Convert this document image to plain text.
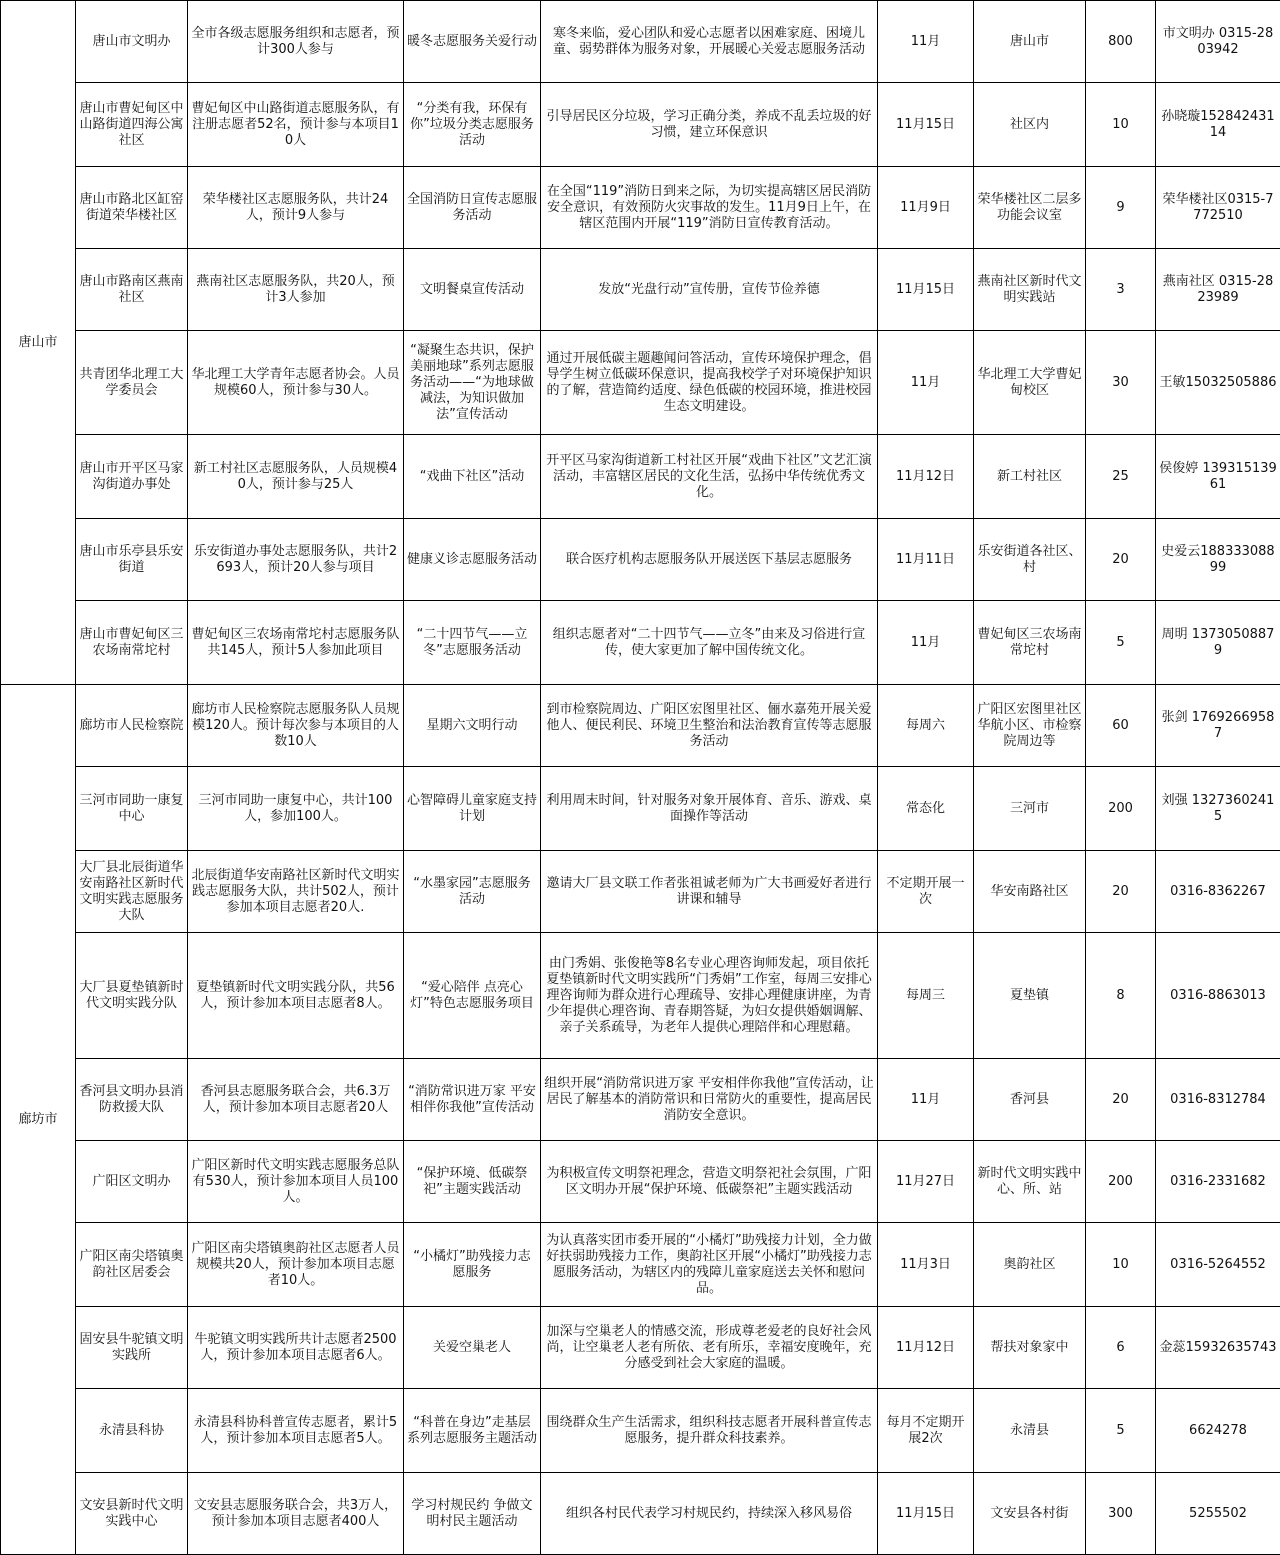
唐山市	唐山市文明办	全市各级志愿服务组织和志愿者，预计300人参与	暖冬志愿服务关爱行动	寒冬来临，爱心团队和爱心志愿者以困难家庭、困境儿童、弱势群体为服务对象，开展暖心关爱志愿服务活动	11月	唐山市	800	市文明办 0315-2803942
	唐山市曹妃甸区中山路街道四海公寓社区	曹妃甸区中山路街道志愿服务队，有注册志愿者52名，预计参与本项目10人	“分类有我，环保有你”垃圾分类志愿服务活动	引导居民区分垃圾，学习正确分类，养成不乱丢垃圾的好习惯，建立环保意识	11月15日	社区内	10	孙晓璇15284243114
	唐山市路北区缸窑街道荣华楼社区	荣华楼社区志愿服务队，共计24人，预计9人参与	全国消防日宣传志愿服务活动	在全国“119”消防日到来之际，为切实提高辖区居民消防安全意识，有效预防火灾事故的发生。11月9日上午，在辖区范围内开展“119”消防日宣传教育活动。	11月9日	荣华楼社区二层多功能会议室	9	荣华楼社区0315-7772510
	唐山市路南区燕南社区	燕南社区志愿服务队，共20人，预计3人参加	文明餐桌宣传活动	发放“光盘行动”宣传册，宣传节俭养德	11月15日	燕南社区新时代文明实践站	3	燕南社区 0315-2823989
	共青团华北理工大学委员会	华北理工大学青年志愿者协会。人员规模60人，预计参与30人。	“凝聚生态共识，保护美丽地球”系列志愿服务活动——“为地球做减法，为知识做加法”宣传活动	通过开展低碳主题趣闻问答活动，宣传环境保护理念，倡导学生树立低碳环保意识，提高我校学子对环境保护知识的了解，营造简约适度、绿色低碳的校园环境，推进校园生态文明建设。	11月	华北理工大学曹妃甸校区	30	王敏15032505886
	唐山市开平区马家沟街道办事处	新工村社区志愿服务队，人员规模40人，预计参与25人	“戏曲下社区”活动	开平区马家沟街道新工村社区开展“戏曲下社区”文艺汇演活动，丰富辖区居民的文化生活，弘扬中华传统优秀文化。	11月12日	新工村社区	25	侯俊婷 13931513961
	唐山市乐亭县乐安街道	乐安街道办事处志愿服务队，共计2693人，预计20人参与项目	健康义诊志愿服务活动	联合医疗机构志愿服务队开展送医下基层志愿服务	11月11日	乐安街道各社区、村	20	史爱云18833308899
	唐山市曹妃甸区三农场南常坨村	曹妃甸区三农场南常坨村志愿服务队共145人，预计5人参加此项目	“二十四节气——立冬”志愿服务活动	组织志愿者对“二十四节气——立冬”由来及习俗进行宣传，使大家更加了解中国传统文化。	11月	曹妃甸区三农场南常坨村	5	周明 13730508879
廊坊市	廊坊市人民检察院	廊坊市人民检察院志愿服务队人员规模120人。预计每次参与本项目的人数10人	星期六文明行动	到市检察院周边、广阳区宏图里社区、俪水嘉苑开展关爱他人、便民利民、环境卫生整治和法治教育宣传等志愿服务活动	每周六	广阳区宏图里社区华航小区、市检察院周边等	60	张剑 17692669587
	三河市同助一康复中心	三河市同助一康复中心，共计100人，参加100人。	心智障碍儿童家庭支持计划	利用周末时间，针对服务对象开展体育、音乐、游戏、桌面操作等活动	常态化	三河市	200	刘强 13273602415
	大厂县北辰街道华安南路社区新时代文明实践志愿服务大队	北辰街道华安南路社区新时代文明实践志愿服务大队，共计502人，预计参加本项目志愿者20人.	“水墨家园”志愿服务活动	邀请大厂县文联工作者张祖诚老师为广大书画爱好者进行讲课和辅导	不定期开展一次	华安南路社区	20	0316-8362267
	大厂县夏垫镇新时代文明实践分队	夏垫镇新时代文明实践分队，共56人，预计参加本项目志愿者8人。	“爱心陪伴 点亮心灯”特色志愿服务项目	由门秀娟、张俊艳等8名专业心理咨询师发起，项目依托夏垫镇新时代文明实践所“门秀娟”工作室，每周三安排心理咨询师为群众进行心理疏导、安排心理健康讲座，为青少年提供心理咨询、青春期答疑，为妇女提供婚姻调解、亲子关系疏导，为老年人提供心理陪伴和心理慰藉。	每周三	夏垫镇	8	0316-8863013
	香河县文明办县消防救援大队	香河县志愿服务联合会，共6.3万人，预计参加本项目志愿者20人	“消防常识进万家 平安相伴你我他”宣传活动	组织开展“消防常识进万家 平安相伴你我他”宣传活动，让居民了解基本的消防常识和日常防火的重要性，提高居民消防安全意识。	11月	香河县	20	0316-8312784
	广阳区文明办	广阳区新时代文明实践志愿服务总队有530人，预计参加本项目人员100人。	“保护环境、低碳祭祀”主题实践活动	为积极宣传文明祭祀理念，营造文明祭祀社会氛围，广阳区文明办开展“保护环境、低碳祭祀”主题实践活动	11月27日	新时代文明实践中心、所、站	200	0316-2331682
	广阳区南尖塔镇奥韵社区居委会	广阳区南尖塔镇奥韵社区志愿者人员规模共20人，预计参加本项目志愿者10人。	“小橘灯”助残接力志愿服务	为认真落实团市委开展的“小橘灯”助残接力计划，全力做好扶弱助残接力工作，奥韵社区开展“小橘灯”助残接力志愿服务活动，为辖区内的残障儿童家庭送去关怀和慰问品。	11月3日	奥韵社区	10	0316-5264552
	固安县牛驼镇文明实践所	牛驼镇文明实践所共计志愿者2500人，预计参加本项目志愿者6人。	关爱空巢老人	加深与空巢老人的情感交流，形成尊老爱老的良好社会风尚，让空巢老人老有所依、老有所乐，幸福安度晚年，充分感受到社会大家庭的温暖。	11月12日	帮扶对象家中	6	金蕊15932635743
	永清县科协	永清县科协科普宣传志愿者，累计5人，预计参加本项目志愿者5人。	“科普在身边”走基层系列志愿服务主题活动	围绕群众生产生活需求，组织科技志愿者开展科普宣传志愿服务，提升群众科技素养。	每月不定期开展2次	永清县	5	6624278
	文安县新时代文明实践中心	文安县志愿服务联合会，共3万人，预计参加本项目志愿者400人	学习村规民约 争做文明村民主题活动	组织各村民代表学习村规民约，持续深入移风易俗	11月15日	文安县各村街	300	5255502
